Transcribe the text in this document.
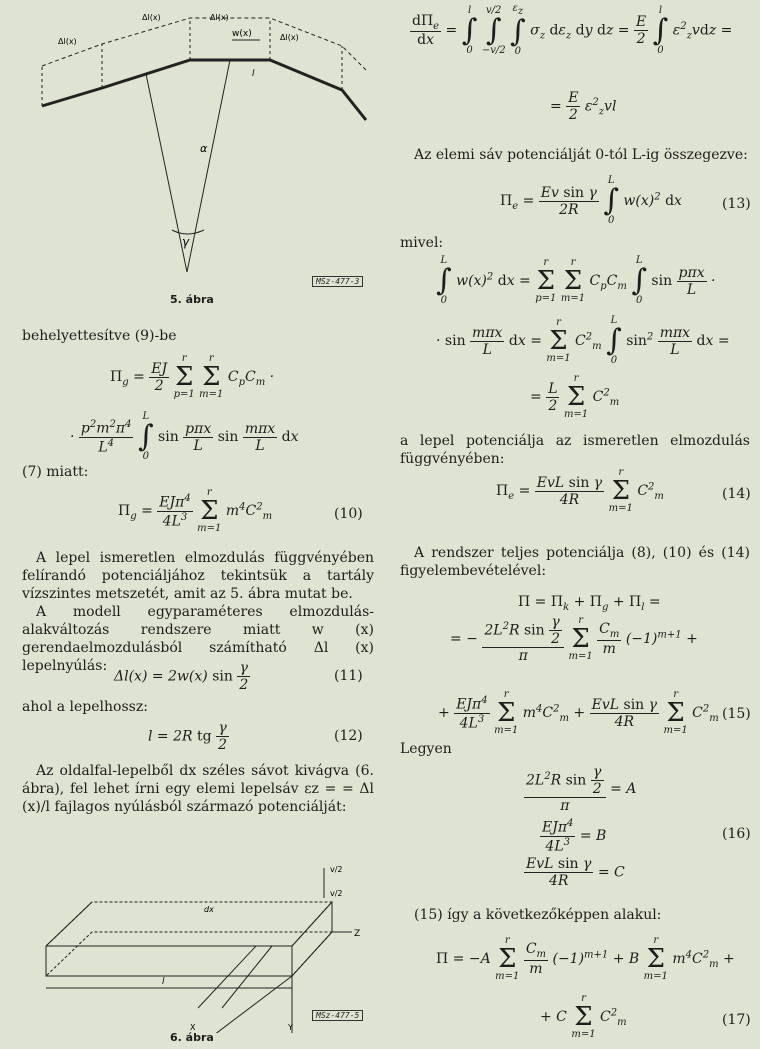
w(x)
α
γ
l
Δl(x)
Δl(x)	Δl(x)
Δl(x)
MSz-477-3
5. ábra
behelyettesítve (9)-be
$\Pi_g = \frac{EJ}{2}$
r
Σ
p=1 r
Σ
m=1 $C_pC_m$ ·
· $\frac{p^2m^2\pi^4}{L^4}$
L
∫
0 $\sin \frac{\text{pπx}}{L}$ $\sin \frac{\text{mπx}}{L}$ dx
(7) miatt:
$\Pi_g = \frac{EJ\pi^4}{4L^3}$
r
Σ
m=1 $m^4C^2_m$	(10)
A lepel ismeretlen elmozdulás függvényében felírandó potenciáljához tekintsük a tartály vízszintes metszetét, amit az 5. ábra mutat be.
A modell egyparaméteres elmozdulás-alakváltozás rendszere miatt w (x) gerendaelmozdulásból számítható Δl (x) lepelnyúlás:
Δl(x) = 2w(x) $\sin \frac{\gamma}{2}$	(11)
ahol a lepelhossz:
l = 2R tg $\frac{\gamma}{2}$	(12)
Az oldalfal-lepelből dx széles sávot kivágva (6. ábra), fel lehet írni egy elemi lepelsáv εz = = Δl (x)/l fajlagos nyúlásból származó potenciálját:
Z
X	Y
l
dx
v/2
v/2
MSz-477-5
6. ábra
$\frac{d\Pi_e}{dx} = l$
∫
0 v/2
∫
−v/2 εz
∫
0 $\sigma_z$ $d\varepsilon_z$ dy dz = $\frac{E}{2}$
l
∫
0 $\varepsilon^2_zvdz$ =
= $\frac{E}{2} \varepsilon^2_zvl$
Az elemi sáv potenciálját 0-tól L-ig összegezve:
$\Pi_e = \frac{\text{Ev sin γ}}{2R}$
L
∫
0 $w(x)^2$ dx	(13)
mivel:
L
∫
0 $w(x)^2$ dx = r
Σ
p=1 r
Σ
m=1 $C_pC_m$ L
∫
0 $\sin \frac{\text{pπx}}{L}$ ·
· $\sin \frac{\text{mπx}}{L}$ dx = r
Σ
m=1 $C^2_m$ L
∫
0 $\sin^2 \frac{\text{mπx}}{L}$ dx =
= $\frac{L}{2}$
r
Σ
m=1 $C^2_m$
a lepel potenciálja az ismeretlen elmozdulás függvényében:
$\Pi_e = \frac{\text{EvL sin γ}}{4R}$
r
Σ
m=1 $C^2_m$	(14)
A rendszer teljes potenciálja (8), (10) és (14) figyelembevételével:
$\Pi = \Pi_k + \Pi_g + \Pi_l$ =
= − $\frac{2L^2R \sin \frac{\gamma}{2}}{\pi}$ r
Σ
$m=1 \frac{C_m}{m} (-1)^{m+1}$ +
+ $\frac{EJ\pi^4}{4L^3}$
r
Σ
m=1 $m^4C^2_m + \frac{\text{EvL sin γ}}{4R}$
r
Σ
m=1 $C^2_m$ (15)
Legyen
$\frac{2L^2R \sin \frac{\gamma}{2}}{\pi} = A$
$\frac{EJ\pi^4}{4L^3} = B$
$\frac{\text{EvL sin γ}}{4R} = C$
(16)
(15) így a következőképpen alakul:
Π = −A r
Σ
$m=1 \frac{C_m}{m} (-1)^{m+1} + B$ r
Σ
m=1 $m^4C^2_m$ +
+ C r
Σ
m=1 $C^2_m$	(17)
